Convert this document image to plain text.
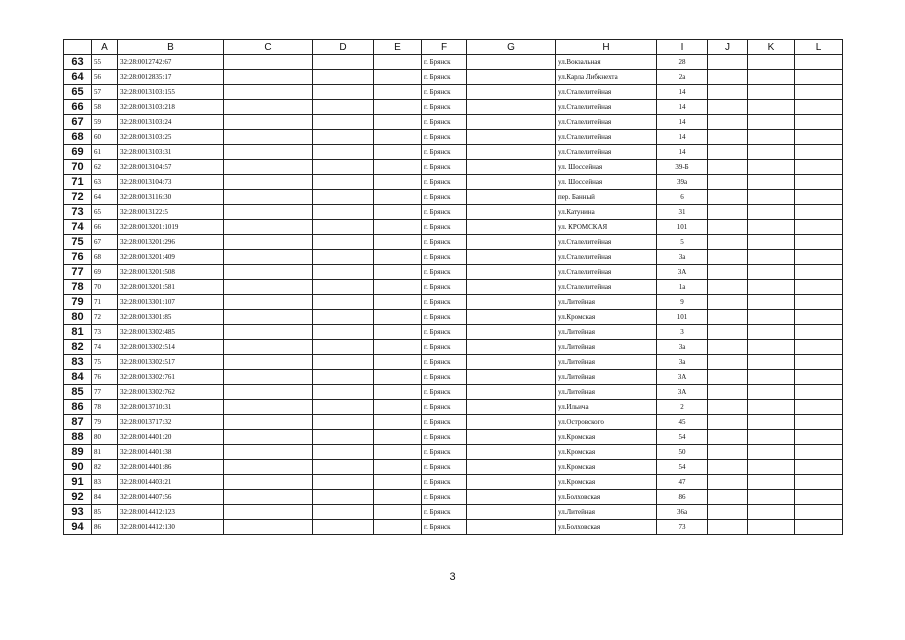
	A	B	C	D	E	F	G	H	I	J	K	L
63	55	32:28:0012742:67				г. Брянск		ул.Вокзальная	28			
64	56	32:28:0012835:17				г. Брянск		ул.Карла Либкнехта	2а			
65	57	32:28:0013103:155				г. Брянск		ул.Сталелитейная	14			
66	58	32:28:0013103:218				г. Брянск		ул.Сталелитейная	14			
67	59	32:28:0013103:24				г. Брянск		ул.Сталелитейная	14			
68	60	32:28:0013103:25				г. Брянск		ул.Сталелитейная	14			
69	61	32:28:0013103:31				г. Брянск		ул.Сталелитейная	14			
70	62	32:28:0013104:57				г. Брянск		ул. Шоссейная	39-Б			
71	63	32:28:0013104:73				г. Брянск		ул. Шоссейная	39а			
72	64	32:28:0013116:30				г. Брянск		пер. Банный	6			
73	65	32:28:0013122:5				г. Брянск		ул.Катунина	31			
74	66	32:28:0013201:1019				г. Брянск		ул. КРОМСКАЯ	101			
75	67	32:28:0013201:296				г. Брянск		ул.Сталелитейная	5			
76	68	32:28:0013201:409				г. Брянск		ул.Сталелитейная	3а			
77	69	32:28:0013201:508				г. Брянск		ул.Сталелитейная	3А			
78	70	32:28:0013201:581				г. Брянск		ул.Сталелитейная	1а			
79	71	32:28:0013301:107				г. Брянск		ул.Литейная	9			
80	72	32:28:0013301:85				г. Брянск		ул.Кромская	101			
81	73	32:28:0013302:485				г. Брянск		ул.Литейная	3			
82	74	32:28:0013302:514				г. Брянск		ул.Литейная	3а			
83	75	32:28:0013302:517				г. Брянск		ул.Литейная	3а			
84	76	32:28:0013302:761				г. Брянск		ул.Литейная	3А			
85	77	32:28:0013302:762				г. Брянск		ул.Литейная	3А			
86	78	32:28:0013710:31				г. Брянск		ул.Ильича	2			
87	79	32:28:0013717:32				г. Брянск		ул.Островского	45			
88	80	32:28:0014401:20				г. Брянск		ул.Кромская	54			
89	81	32:28:0014401:38				г. Брянск		ул.Кромская	50			
90	82	32:28:0014401:86				г. Брянск		ул.Кромская	54			
91	83	32:28:0014403:21				г. Брянск		ул.Кромская	47			
92	84	32:28:0014407:56				г. Брянск		ул.Болховская	86			
93	85	32:28:0014412:123				г. Брянск		ул.Литейная	36а			
94	86	32:28:0014412:130				г. Брянск		ул.Болховская	73			
3
